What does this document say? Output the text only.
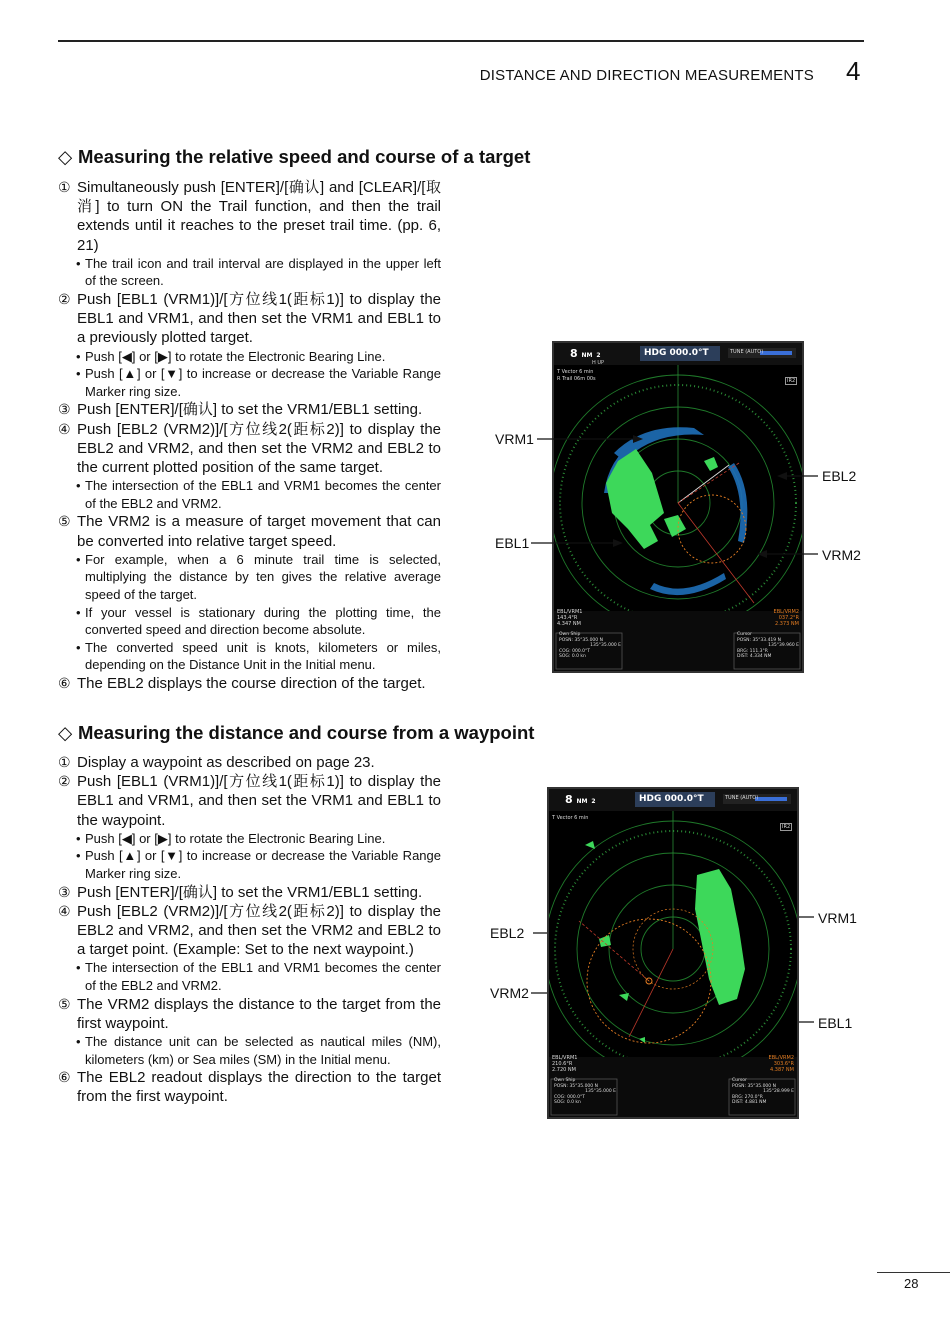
DISTANCE AND DIRECTION MEASUREMENTS 4
◇ Measuring the relative speed and course of a target
① Simultaneously push [ENTER]/[确认] and [CLEAR]/[取消] to turn ON the Trail function, and then the trail extends until it reaches to the preset trail time. (pp. 6, 21)
• The trail icon and trail interval are displayed in the upper left of the screen.
② Push [EBL1 (VRM1)]/[方位线1(距标1)] to display the EBL1 and VRM1, and then set the VRM1 and EBL1 to a previously plotted target.
• Push [◀] or [▶] to rotate the Electronic Bearing Line.
• Push [▲] or [▼] to increase or decrease the Variable Range Marker ring size.
③ Push [ENTER]/[确认] to set the VRM1/EBL1 setting.
④ Push [EBL2 (VRM2)]/[方位线2(距标2)] to display the EBL2 and VRM2, and then set the VRM2 and EBL2 to the current plotted position of the same target.
• The intersection of the EBL1 and VRM1 becomes the center of the EBL2 and VRM2.
⑤ The VRM2 is a measure of target movement that can be converted into relative target speed.
• For example, when a 6 minute trail time is selected, multiplying the distance by ten gives the relative average speed of the target.
• If your vessel is stationary during the plotting time, the converted speed and direction become absolute.
• The converted speed unit is knots, kilometers or miles, depending on the Distance Unit in the Initial menu.
⑥ The EBL2 displays the course direction of the target.
8 NM 2
H UP
HDG 000.0°T	TUNE (AUTO)
T Vector 6 min
R Trail 06m 00s	IR2
EBL/VRM1
143.4°R
4.347 NM
EBL/VRM2
037.2°R
2.373 NM
Own Ship
POSN: 35°35.000 N
135°35.000 E
COG: 000.0°T
SOG: 0.0 kn
Cursor
POSN: 35°33.419 N
135°39.960 E
BRG: 111.3°R
DIST: 4.334 NM
VRM1
EBL1
EBL2
VRM2
◇ Measuring the distance and course from a waypoint
① Display a waypoint as described on page 23.
② Push [EBL1 (VRM1)]/[方位线1(距标1)] to display the EBL1 and VRM1, and then set the VRM1 and EBL1 to the waypoint.
• Push [◀] or [▶] to rotate the Electronic Bearing Line.
• Push [▲] or [▼] to increase or decrease the Variable Range Marker ring size.
③ Push [ENTER]/[确认] to set the VRM1/EBL1 setting.
④ Push [EBL2 (VRM2)]/[方位线2(距标2)] to display the EBL2 and VRM2, and then set the VRM2 and EBL2 to a target point. (Example: Set to the next waypoint.)
• The intersection of the EBL1 and VRM1 becomes the center of the EBL2 and VRM2.
⑤ The VRM2 displays the distance to the target from the first waypoint.
• The distance unit can be selected as nautical miles (NM), kilometers (km) or Sea miles (SM) in the Initial menu.
⑥ The EBL2 readout displays the direction to the target from the first waypoint.
8 NM 2	HDG 000.0°T	TUNE (AUTO)
T Vector 6 min
IR2
EBL/VRM1
210.6°R
2.720 NM
EBL/VRM2
303.6°R
4.387 NM
Own Ship
POSN: 35°35.000 N
135°35.000 E
COG: 000.0°T
SOG: 0.0 kn
Cursor
POSN: 35°35.000 N
135°28.999 E
BRG: 270.0°R
DIST: 4.881 NM
EBL2
VRM2
VRM1
EBL1
28
